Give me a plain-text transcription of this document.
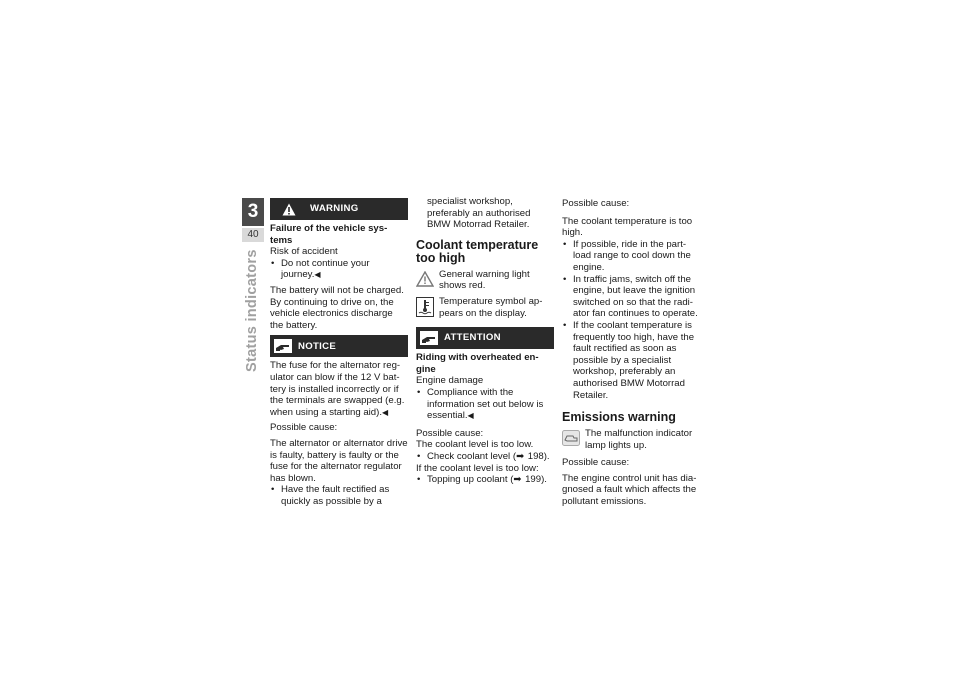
3
40
Status indicators
WARNING
Failure of the vehicle sys-tems
Risk of accident
• Do not continue your journey.◀

The battery will not be charged. By continuing to drive on, the vehicle electronics discharge the battery.

NOTICE

The fuse for the alternator reg-ulator can blow if the 12 V bat-tery is installed incorrectly or if the terminals are swapped (e.g. when using a starting aid).◀

Possible cause:

The alternator or alternator drive is faulty, battery is faulty or the fuse for the alternator regulator has blown.

• Have the fault rectified as quickly as possible by a

specialist workshop, preferably an authorised BMW Motorrad Retailer.

Coolant temperature too high
General warning light shows red.
Temperature symbol ap-pears on the display.
ATTENTION
Riding with overheated en-gine
Engine damage
• Compliance with the information set out below is essential.◀
Possible cause:
The coolant level is too low.
• Check coolant level (➡ 198).
If the coolant level is too low:
• Topping up coolant (➡ 199).

Possible cause:

The coolant temperature is too high.
• If possible, ride in the part-load range to cool down the engine.
• In traffic jams, switch off the engine, but leave the ignition switched on so that the radi-ator fan continues to operate.
• If the coolant temperature is frequently too high, have the fault rectified as soon as possible by a specialist workshop, preferably an authorised BMW Motorrad Retailer.
Emissions warning
The malfunction indicator lamp lights up.

Possible cause:

The engine control unit has dia-gnosed a fault which affects the pollutant emissions.
